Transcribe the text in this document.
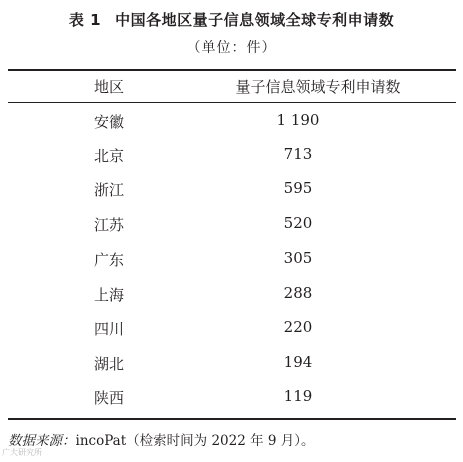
表 1 中国各地区量子信息领域全球专利申请数
（单位：件）
地区	量子信息领域专利申请数
安徽	1 190
北京	713
浙江	595
江苏	520
广东	305
上海	288
四川	220
湖北	194
陕西	119
数据来源：incoPat（检索时间为 2022 年 9 月）。
广大研究所
